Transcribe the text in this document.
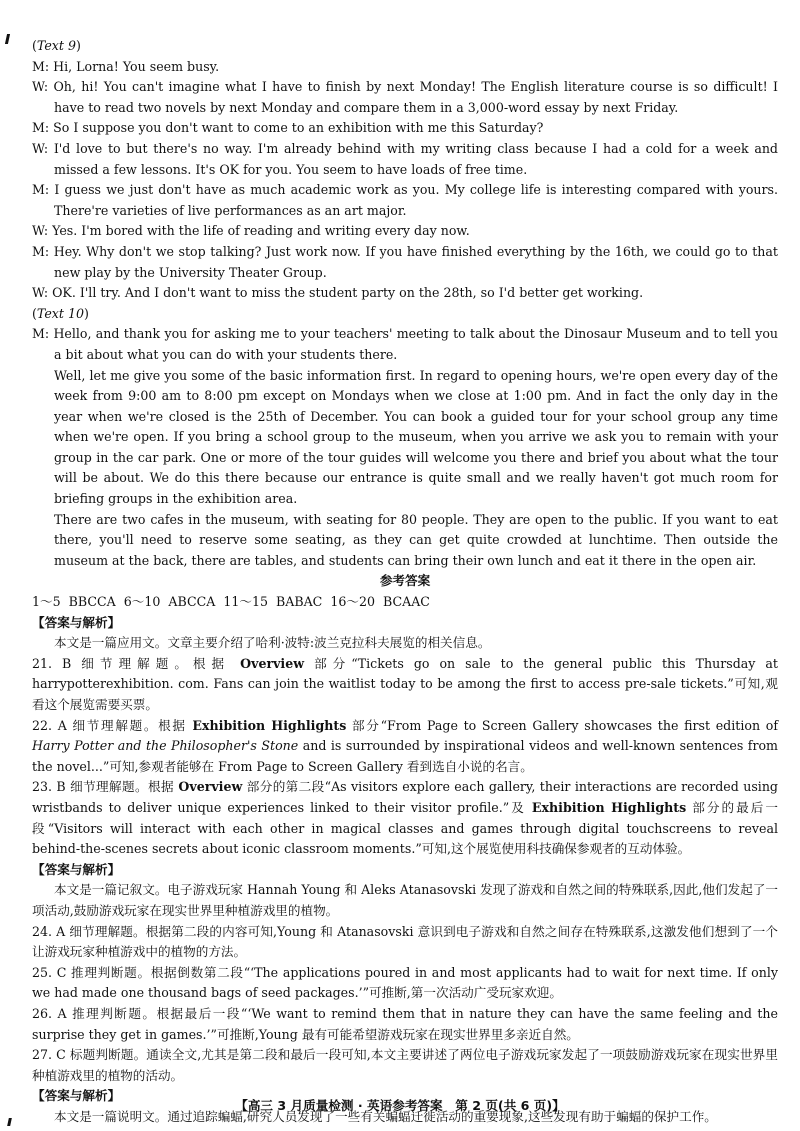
(Text 9)

M: Hi, Lorna! You seem busy.

W: Oh, hi! You can't imagine what I have to finish by next Monday! The English literature course is so difficult! I have to read two novels by next Monday and compare them in a 3,000-word essay by next Friday.

M: So I suppose you don't want to come to an exhibition with me this Saturday?

W: I'd love to but there's no way. I'm already behind with my writing class because I had a cold for a week and missed a few lessons. It's OK for you. You seem to have loads of free time.

M: I guess we just don't have as much academic work as you. My college life is interesting compared with yours. There're varieties of live performances as an art major.

W: Yes. I'm bored with the life of reading and writing every day now.

M: Hey. Why don't we stop talking? Just work now. If you have finished everything by the 16th, we could go to that new play by the University Theater Group.

W: OK. I'll try. And I don't want to miss the student party on the 28th, so I'd better get working.

(Text 10)

M: Hello, and thank you for asking me to your teachers' meeting to talk about the Dinosaur Museum and to tell you a bit about what you can do with your students there.

Well, let me give you some of the basic information first. In regard to opening hours, we're open every day of the week from 9:00 am to 8:00 pm except on Mondays when we close at 1:00 pm. And in fact the only day in the year when we're closed is the 25th of December. You can book a guided tour for your school group any time when we're open. If you bring a school group to the museum, when you arrive we ask you to remain with your group in the car park. One or more of the tour guides will welcome you there and brief you about what the tour will be about. We do this there because our entrance is quite small and we really haven't got much room for briefing groups in the exhibition area.

There are two cafes in the museum, with seating for 80 people. They are open to the public. If you want to eat there, you'll need to reserve some seating, as they can get quite crowded at lunchtime. Then outside the museum at the back, there are tables, and students can bring their own lunch and eat it there in the open air.

参考答案

1～5  BBCCA  6～10  ABCCA  11～15  BABAC  16～20  BCAAC

【答案与解析】

本文是一篇应用文。文章主要介绍了哈利·波特:波兰克拉科夫展览的相关信息。

21. B 细节理解题。根据 Overview 部分“Tickets go on sale to the general public this Thursday at harrypotterexhibition. com. Fans can join the waitlist today to be among the first to access pre-sale tickets.”可知,观看这个展览需要买票。

22. A 细节理解题。根据 Exhibition Highlights 部分“From Page to Screen Gallery showcases the first edition of Harry Potter and the Philosopher's Stone and is surrounded by inspirational videos and well-known sentences from the novel...”可知,参观者能够在 From Page to Screen Gallery 看到选自小说的名言。

23. B 细节理解题。根据 Overview 部分的第二段“As visitors explore each gallery, their interactions are recorded using wristbands to deliver unique experiences linked to their visitor profile.”及 Exhibition Highlights 部分的最后一段“Visitors will interact with each other in magical classes and games through digital touchscreens to reveal behind-the-scenes secrets about iconic classroom moments.”可知,这个展览使用科技确保参观者的互动体验。

【答案与解析】

本文是一篇记叙文。电子游戏玩家 Hannah Young 和 Aleks Atanasovski 发现了游戏和自然之间的特殊联系,因此,他们发起了一项活动,鼓励游戏玩家在现实世界里种植游戏里的植物。

24. A 细节理解题。根据第二段的内容可知,Young 和 Atanasovski 意识到电子游戏和自然之间存在特殊联系,这激发他们想到了一个让游戏玩家种植游戏中的植物的方法。

25. C 推理判断题。根据倒数第二段“‘The applications poured in and most applicants had to wait for next time. If only we had made one thousand bags of seed packages.’”可推断,第一次活动广受玩家欢迎。

26. A 推理判断题。根据最后一段“‘We want to remind them that in nature they can have the same feeling and the surprise they get in games.’”可推断,Young 最有可能希望游戏玩家在现实世界里多亲近自然。

27. C 标题判断题。通读全文,尤其是第二段和最后一段可知,本文主要讲述了两位电子游戏玩家发起了一项鼓励游戏玩家在现实世界里种植游戏里的植物的活动。

【答案与解析】

本文是一篇说明文。通过追踪蝙蝠,研究人员发现了一些有关蝙蝠迁徙活动的重要现象,这些发现有助于蝙蝠的保护工作。

【高三 3 月质量检测 · 英语参考答案　第 2 页(共 6 页)】
